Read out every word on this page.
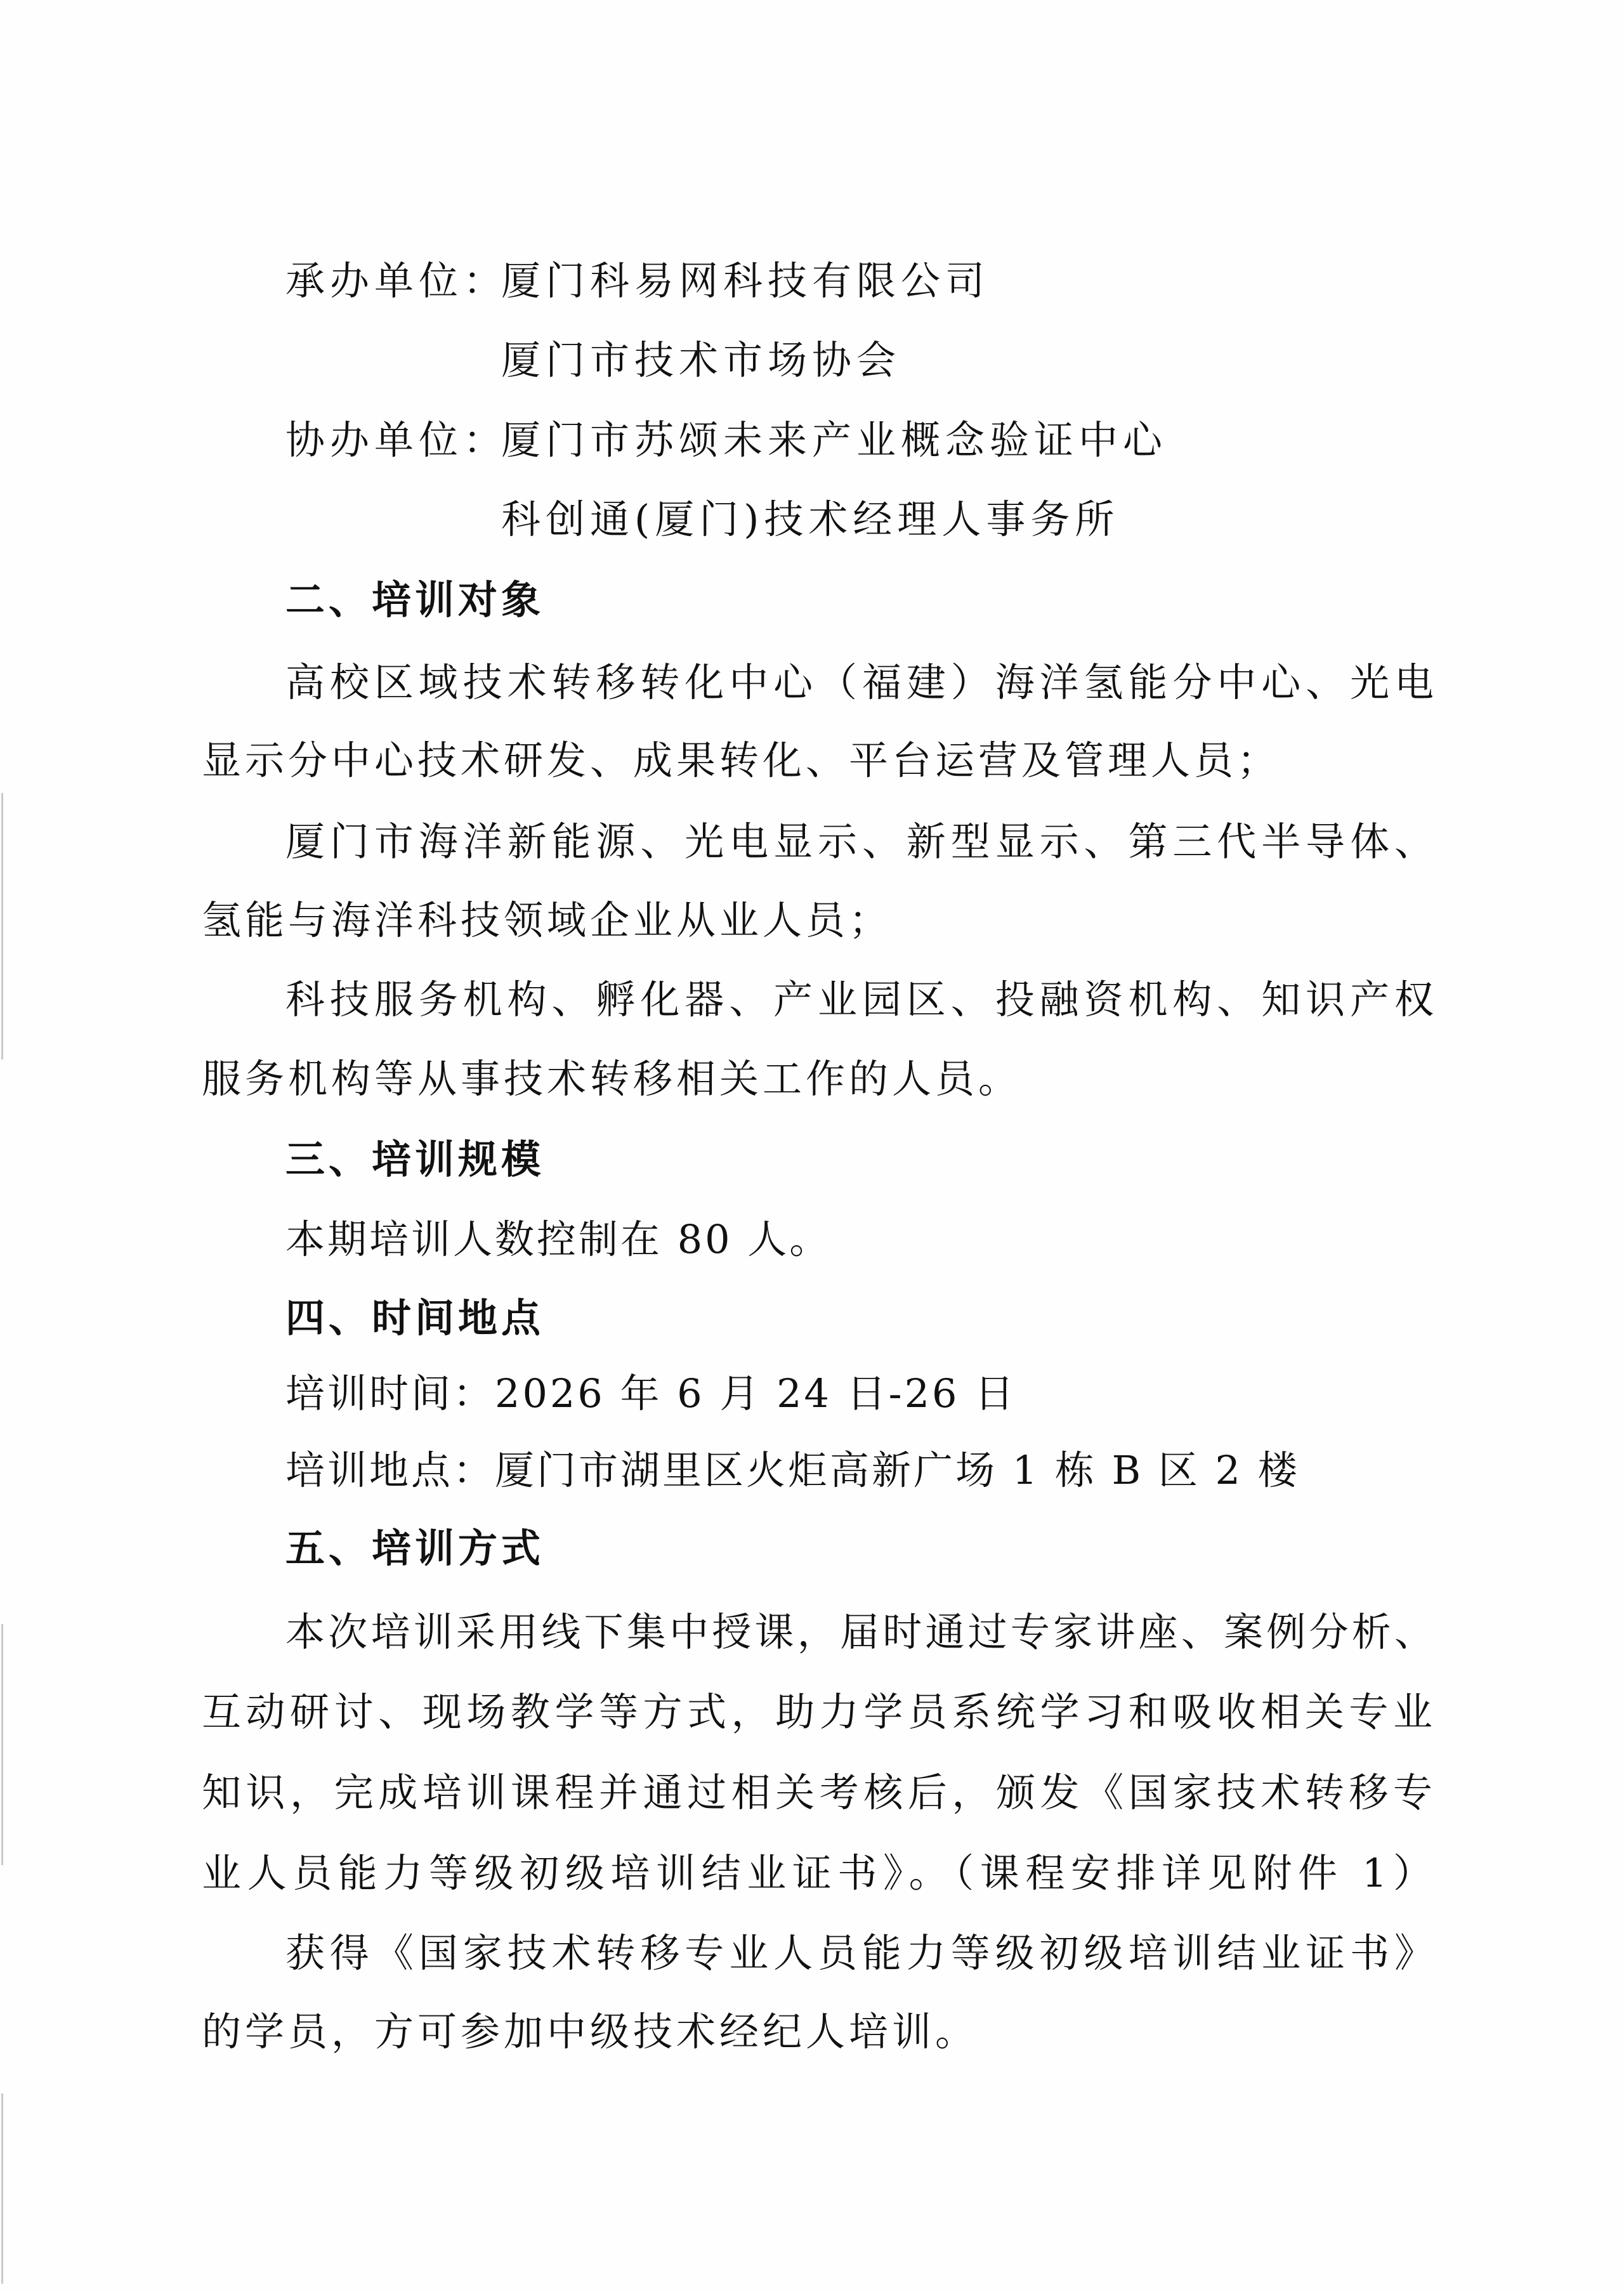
承办单位：
厦门科易网科技有限公司
厦门市技术市场协会
协办单位：
厦门市苏颂未来产业概念验证中心
科创通(厦门)技术经理人事务所
二、培训对象
高校区域技术转移转化中心（福建）海洋氢能分中心、光电
显示分中心技术研发、成果转化、平台运营及管理人员；
厦门市海洋新能源、光电显示、新型显示、第三代半导体、
氢能与海洋科技领域企业从业人员；
科技服务机构、孵化器、产业园区、投融资机构、知识产权
服务机构等从事技术转移相关工作的人员。
三、培训规模
本期培训人数控制在 80 人。
四、时间地点
培训时间：2026 年 6 月 24 日-26 日
培训地点：厦门市湖里区火炬高新广场 1 栋 B 区 2 楼
五、培训方式
本次培训采用线下集中授课，届时通过专家讲座、案例分析、
互动研讨、现场教学等方式，助力学员系统学习和吸收相关专业
知识，完成培训课程并通过相关考核后，颁发《国家技术转移专
业人员能力等级初级培训结业证书》。（课程安排详见附件 1）
获得《国家技术转移专业人员能力等级初级培训结业证书》
的学员，方可参加中级技术经纪人培训。
